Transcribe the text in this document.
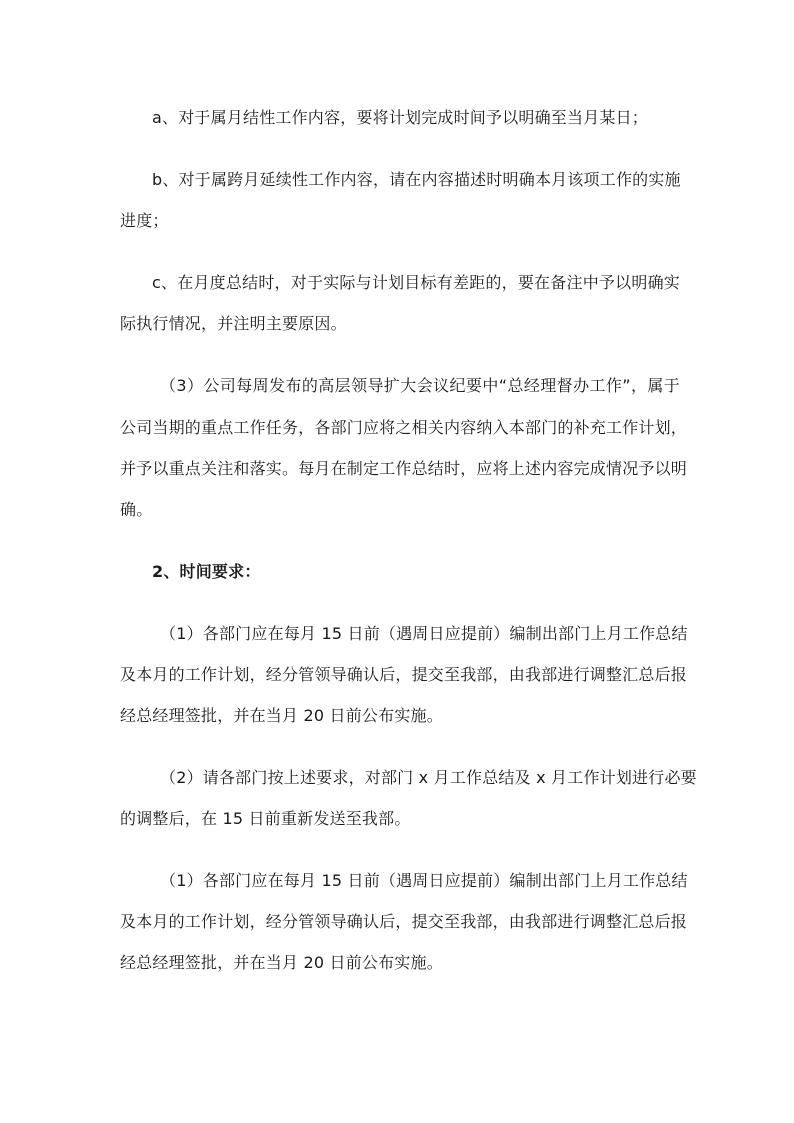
a、对于属月结性工作内容，要将计划完成时间予以明确至当月某日；
b、对于属跨月延续性工作内容，请在内容描述时明确本月该项工作的实施
进度；
c、在月度总结时，对于实际与计划目标有差距的，要在备注中予以明确实
际执行情况，并注明主要原因。
（3）公司每周发布的高层领导扩大会议纪要中“总经理督办工作”，属于
公司当期的重点工作任务，各部门应将之相关内容纳入本部门的补充工作计划，
并予以重点关注和落实。每月在制定工作总结时，应将上述内容完成情况予以明
确。
2、时间要求：
（1）各部门应在每月 15 日前（遇周日应提前）编制出部门上月工作总结
及本月的工作计划，经分管领导确认后，提交至我部，由我部进行调整汇总后报
经总经理签批，并在当月 20 日前公布实施。
（2）请各部门按上述要求，对部门 x 月工作总结及 x 月工作计划进行必要
的调整后，在 15 日前重新发送至我部。
（1）各部门应在每月 15 日前（遇周日应提前）编制出部门上月工作总结
及本月的工作计划，经分管领导确认后，提交至我部，由我部进行调整汇总后报
经总经理签批，并在当月 20 日前公布实施。
